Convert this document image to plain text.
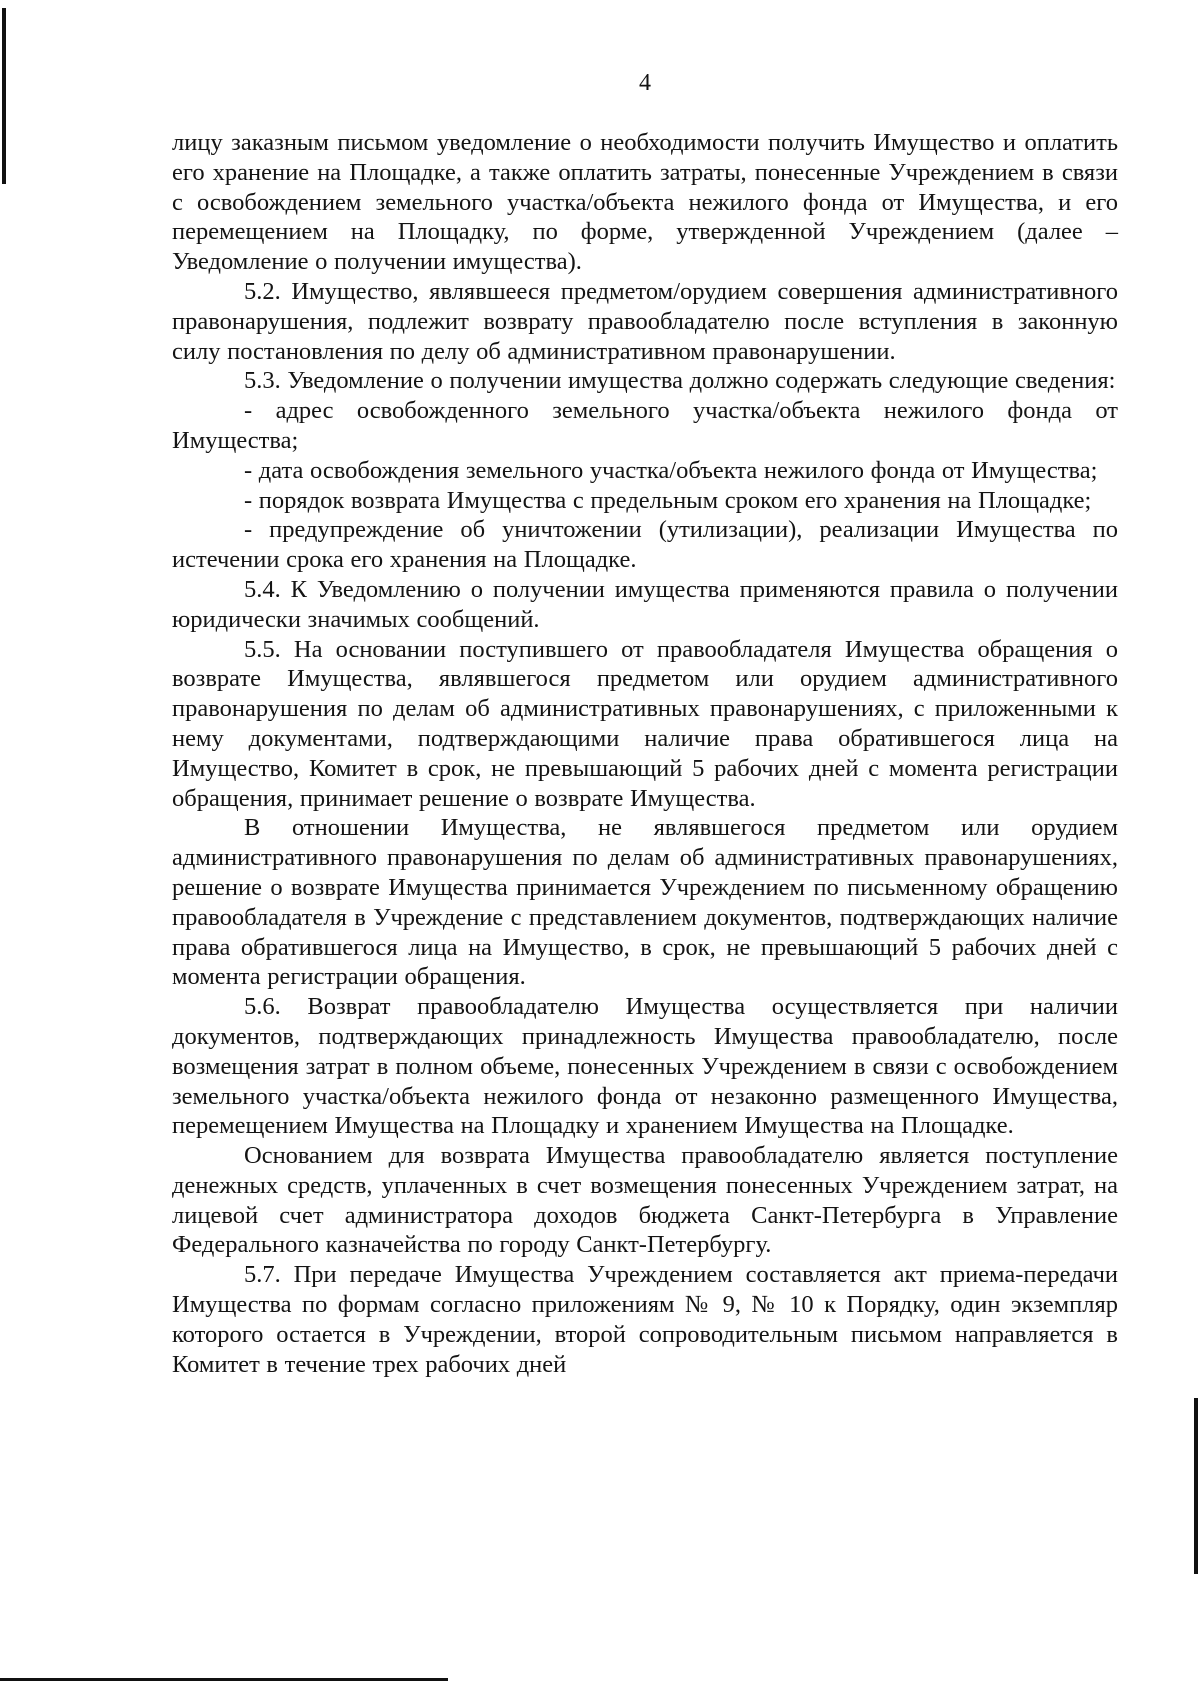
4

лицу заказным письмом уведомление о необходимости получить Имущество и оплатить его хранение на Площадке, а также оплатить затраты, понесенные Учреждением в связи с освобождением земельного участка/объекта нежилого фонда от Имущества, и его перемещением на Площадку, по форме, утвержденной Учреждением (далее – Уведомление о получении имущества).

5.2. Имущество, являвшееся предметом/орудием совершения административного правонарушения, подлежит возврату правообладателю после вступления в законную силу постановления по делу об административном правонарушении.

5.3. Уведомление о получении имущества должно содержать следующие сведения:

- адрес освобожденного земельного участка/объекта нежилого фонда от Имущества;

- дата освобождения земельного участка/объекта нежилого фонда от Имущества;

- порядок возврата Имущества с предельным сроком его хранения на Площадке;

- предупреждение об уничтожении (утилизации), реализации Имущества по истечении срока его хранения на Площадке.

5.4. К Уведомлению о получении имущества применяются правила о получении юридически значимых сообщений.

5.5. На основании поступившего от правообладателя Имущества обращения о возврате Имущества, являвшегося предметом или орудием административного правонарушения по делам об административных правонарушениях, с приложенными к нему документами, подтверждающими наличие права обратившегося лица на Имущество, Комитет в срок, не превышающий 5 рабочих дней с момента регистрации обращения, принимает решение о возврате Имущества.

В отношении Имущества, не являвшегося предметом или орудием административного правонарушения по делам об административных правонарушениях, решение о возврате Имущества принимается Учреждением по письменному обращению правообладателя в Учреждение с представлением документов, подтверждающих наличие права обратившегося лица на Имущество, в срок, не превышающий 5 рабочих дней с момента регистрации обращения.

5.6. Возврат правообладателю Имущества осуществляется при наличии документов, подтверждающих принадлежность Имущества правообладателю, после возмещения затрат в полном объеме, понесенных Учреждением в связи с освобождением земельного участка/объекта нежилого фонда от незаконно размещенного Имущества, перемещением Имущества на Площадку и хранением Имущества на Площадке.

Основанием для возврата Имущества правообладателю является поступление денежных средств, уплаченных в счет возмещения понесенных Учреждением затрат, на лицевой счет администратора доходов бюджета Санкт-Петербурга в Управление Федерального казначейства по городу Санкт-Петербургу.

5.7. При передаче Имущества Учреждением составляется акт приема-передачи Имущества по формам согласно приложениям № 9, № 10 к Порядку, один экземпляр которого остается в Учреждении, второй сопроводительным письмом направляется в Комитет в течение трех рабочих дней
